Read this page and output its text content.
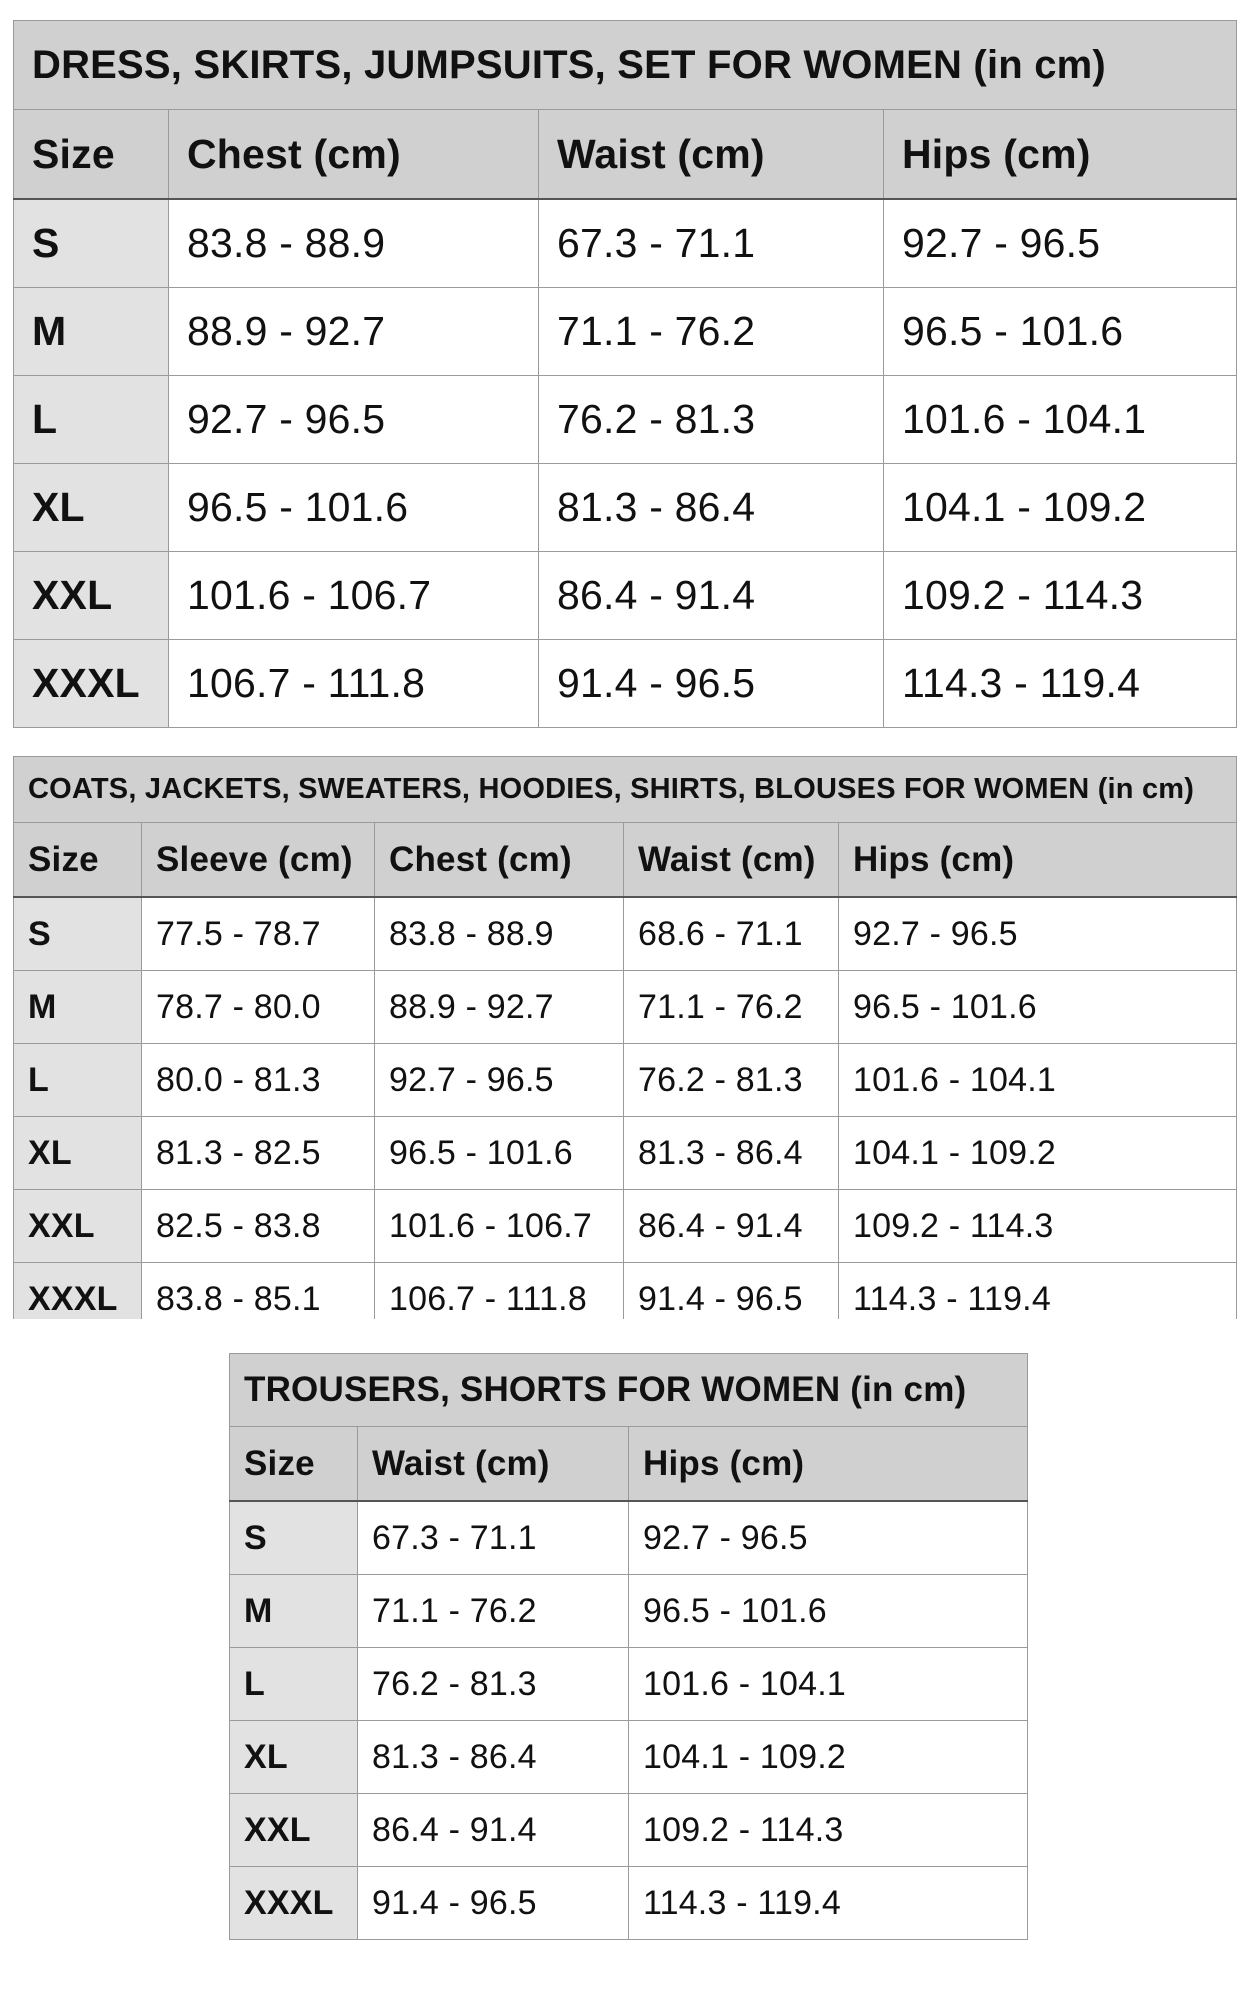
DRESS, SKIRTS, JUMPSUITS, SET FOR WOMEN (in cm)			
Size	Chest (cm)	Waist (cm)	Hips (cm)
S	83.8 - 88.9	67.3 - 71.1	92.7 - 96.5
M	88.9 - 92.7	71.1 - 76.2	96.5 - 101.6
L	92.7 - 96.5	76.2 - 81.3	101.6 - 104.1
XL	96.5 - 101.6	81.3 - 86.4	104.1 - 109.2
XXL	101.6 - 106.7	86.4 - 91.4	109.2 - 114.3
XXXL	106.7 - 111.8	91.4 - 96.5	114.3 - 119.4
COATS, JACKETS, SWEATERS, HOODIES, SHIRTS, BLOUSES FOR WOMEN (in cm)				
Size	Sleeve (cm)	Chest (cm)	Waist (cm)	Hips (cm)
S	77.5 - 78.7	83.8 - 88.9	68.6 - 71.1	92.7 - 96.5
M	78.7 - 80.0	88.9 - 92.7	71.1 - 76.2	96.5 - 101.6
L	80.0 - 81.3	92.7 - 96.5	76.2 - 81.3	101.6 - 104.1
XL	81.3 - 82.5	96.5 - 101.6	81.3 - 86.4	104.1 - 109.2
XXL	82.5 - 83.8	101.6 - 106.7	86.4 - 91.4	109.2 - 114.3
XXXL	83.8 - 85.1	106.7 - 111.8	91.4 - 96.5	114.3 - 119.4
TROUSERS, SHORTS FOR WOMEN (in cm)		
Size	Waist (cm)	Hips (cm)
S	67.3 - 71.1	92.7 - 96.5
M	71.1 - 76.2	96.5 - 101.6
L	76.2 - 81.3	101.6 - 104.1
XL	81.3 - 86.4	104.1 - 109.2
XXL	86.4 - 91.4	109.2 - 114.3
XXXL	91.4 - 96.5	114.3 - 119.4
